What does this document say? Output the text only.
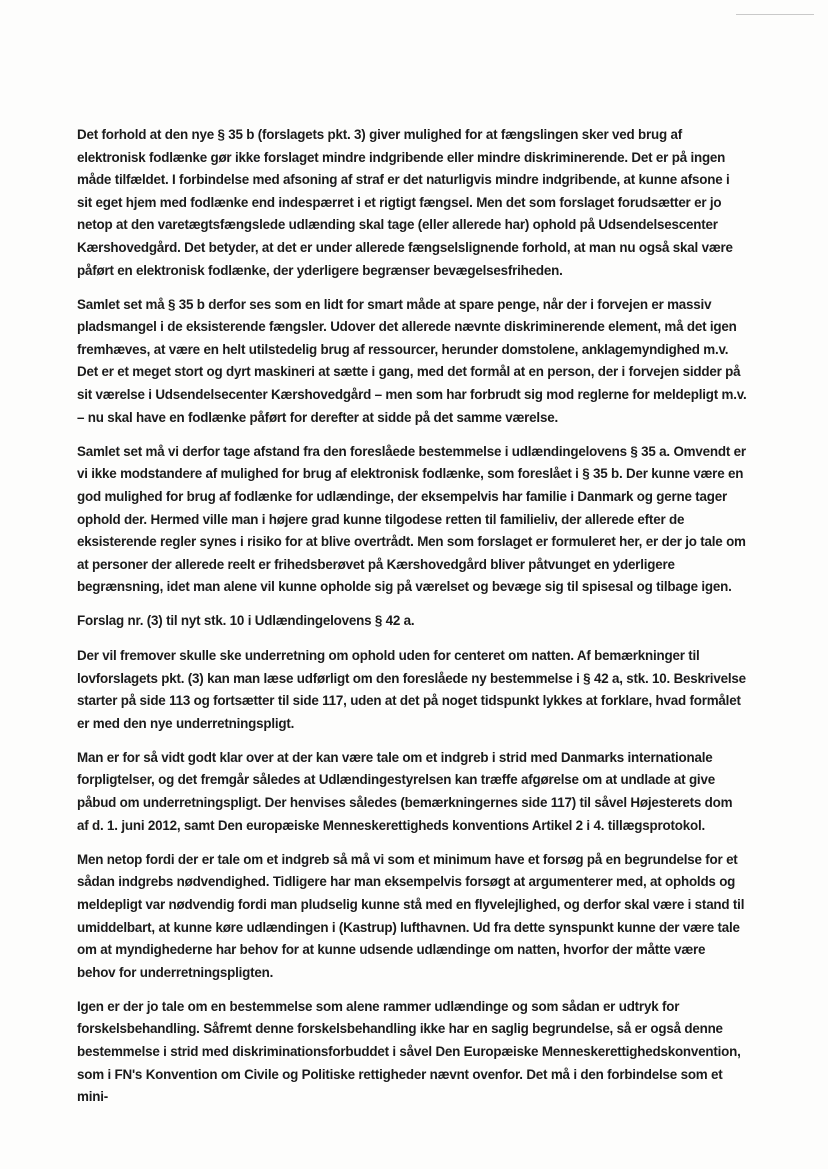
Det forhold at den nye § 35 b (forslagets pkt. 3) giver mulighed for at fængslingen sker ved brug af elektronisk fodlænke gør ikke forslaget mindre indgribende eller mindre diskriminerende. Det er på ingen måde tilfældet. I forbindelse med afsoning af straf er det naturligvis mindre indgribende, at kunne afsone i sit eget hjem med fodlænke end indespærret i et rigtigt fængsel. Men det som forslaget forudsætter er jo netop at den varetægtsfængslede udlænding skal tage (eller allerede har) ophold på Udsendelsescenter Kærshovedgård. Det betyder, at det er under allerede fængselslignende forhold, at man nu også skal være påført en elektronisk fodlænke, der yderligere begrænser bevægelsesfriheden.

Samlet set må § 35 b derfor ses som en lidt for smart måde at spare penge, når der i forvejen er massiv pladsmangel i de eksisterende fængsler. Udover det allerede nævnte diskriminerende element, må det igen fremhæves, at være en helt utilstedelig brug af ressourcer, herunder domstolene, anklagemyndighed m.v. Det er et meget stort og dyrt maskineri at sætte i gang, med det formål at en person, der i forvejen sidder på sit værelse i Udsendelsecenter Kærshovedgård – men som har forbrudt sig mod reglerne for meldepligt m.v. – nu skal have en fodlænke påført for derefter at sidde på det samme værelse.

Samlet set må vi derfor tage afstand fra den foreslåede bestemmelse i udlændingelovens § 35 a. Omvendt er vi ikke modstandere af mulighed for brug af elektronisk fodlænke, som foreslået i § 35 b. Der kunne være en god mulighed for brug af fodlænke for udlændinge, der eksempelvis har familie i Danmark og gerne tager ophold der. Hermed ville man i højere grad kunne tilgodese retten til familieliv, der allerede efter de eksisterende regler synes i risiko for at blive overtrådt. Men som forslaget er formuleret her, er der jo tale om at personer der allerede reelt er frihedsberøvet på Kærshovedgård bliver påtvunget en yderligere begrænsning, idet man alene vil kunne opholde sig på værelset og bevæge sig til spisesal og tilbage igen.

Forslag nr. (3) til nyt stk. 10 i Udlændingelovens § 42 a.

Der vil fremover skulle ske underretning om ophold uden for centeret om natten. Af bemærkninger til lovforslagets pkt. (3) kan man læse udførligt om den foreslåede ny bestemmelse i § 42 a, stk. 10. Beskrivelse starter på side 113 og fortsætter til side 117, uden at det på noget tidspunkt lykkes at forklare, hvad formålet er med den nye underretningspligt.

Man er for så vidt godt klar over at der kan være tale om et indgreb i strid med Danmarks internationale forpligtelser, og det fremgår således at Udlændingestyrelsen kan træffe afgørelse om at undlade at give påbud om underretningspligt. Der henvises således (bemærkningernes side 117) til såvel Højesterets dom af d. 1. juni 2012, samt Den europæiske Menneskerettigheds konventions Artikel 2 i 4. tillægsprotokol.

Men netop fordi der er tale om et indgreb så må vi som et minimum have et forsøg på en begrundelse for et sådan indgrebs nødvendighed. Tidligere har man eksempelvis forsøgt at argumenterer med, at opholds og meldepligt var nødvendig fordi man pludselig kunne stå med en flyvelejlighed, og derfor skal være i stand til umiddelbart, at kunne køre udlændingen i (Kastrup) lufthavnen. Ud fra dette synspunkt kunne der være tale om at myndighederne har behov for at kunne udsende udlændinge om natten, hvorfor der måtte være behov for underretningspligten.

Igen er der jo tale om en bestemmelse som alene rammer udlændinge og som sådan er udtryk for forskelsbehandling. Såfremt denne forskelsbehandling ikke har en saglig begrundelse, så er også denne bestemmelse i strid med diskriminationsforbuddet i såvel Den Europæiske Menneskerettighedskonvention, som i FN's Konvention om Civile og Politiske rettigheder nævnt ovenfor. Det må i den forbindelse som et mini-
